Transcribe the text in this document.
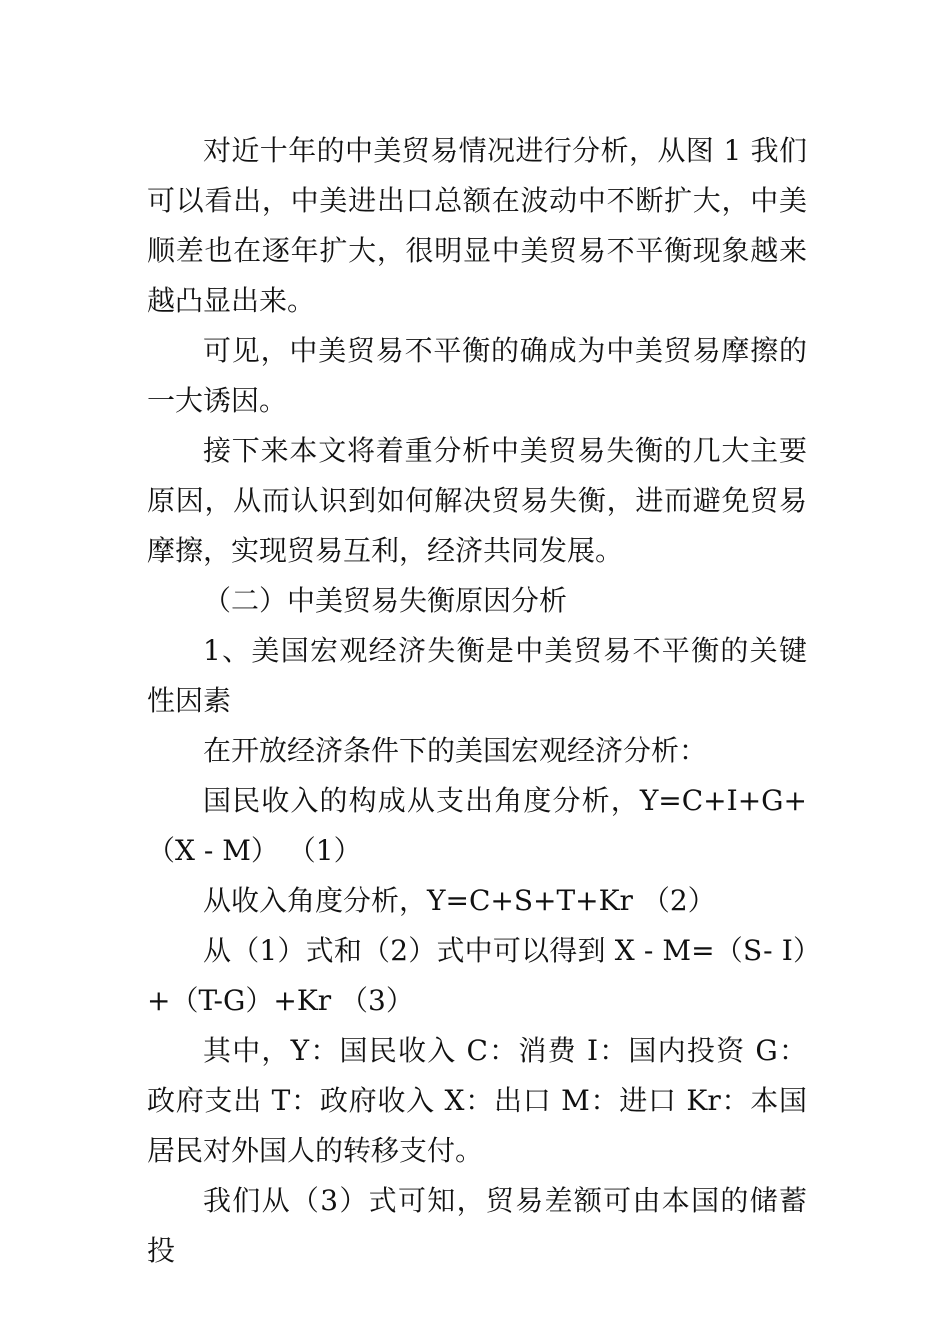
对近十年的中美贸易情况进行分析，从图 1 我们可以看出，中美进出口总额在波动中不断扩大，中美顺差也在逐年扩大，很明显中美贸易不平衡现象越来越凸显出来。

可见，中美贸易不平衡的确成为中美贸易摩擦的一大诱因。

接下来本文将着重分析中美贸易失衡的几大主要原因，从而认识到如何解决贸易失衡，进而避免贸易摩擦，实现贸易互利，经济共同发展。

（二）中美贸易失衡原因分析

1、美国宏观经济失衡是中美贸易不平衡的关键性因素

在开放经济条件下的美国宏观经济分析：

国民收入的构成从支出角度分析，Y=C+I+G+（X - M） （1）

从收入角度分析，Y=C+S+T+Kr （2）

从（1）式和（2）式中可以得到 X - M=（S- I）+（T-G）+Kr （3）

其中，Y：国民收入 C：消费 I：国内投资 G：政府支出 T：政府收入 X：出口 M：进口 Kr：本国居民对外国人的转移支付。

我们从（3）式可知，贸易差额可由本国的储蓄投
